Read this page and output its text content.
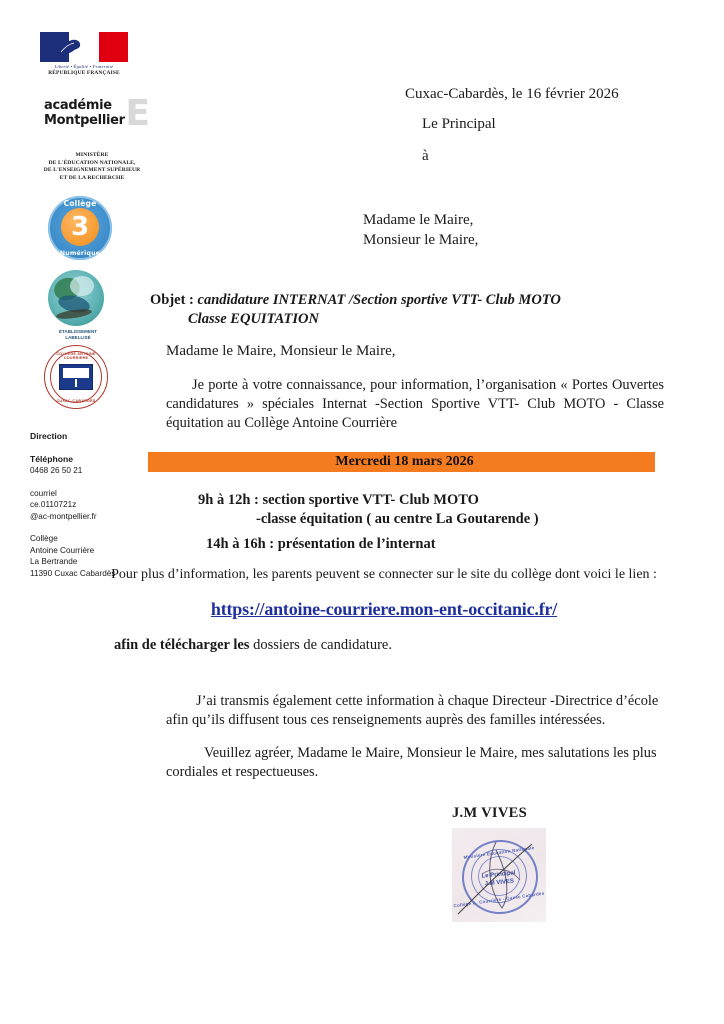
Liberté • Égalité • Fraternité
RÉPUBLIQUE FRANÇAISE
E
académie
Montpellier
MINISTÈRE
DE L'ÉDUCATION NATIONALE,
DE L'ENSEIGNEMENT SUPÉRIEUR
ET DE LA RECHERCHE
Collège
3
Numérique
ÉTABLISSEMENT
LABELLISÉ
COLLÈGE ANTOINE COURRIÈRE
CUXAC-CABARDÈS
Direction
Téléphone
0468 26 50 21
courriel
ce.0110721z
@ac-montpellier.fr
Collège
Antoine Courrière
La Bertrande
11390 Cuxac Cabardès
Cuxac-Cabardès, le 16 février 2026
Le Principal
à
Madame le Maire,
Monsieur le Maire,
Objet : candidature INTERNAT /Section sportive VTT- Club MOTO
Classe EQUITATION
Madame le Maire, Monsieur le Maire,
Je porte à votre connaissance, pour information, l’organisation « Portes Ouvertes candidatures » spéciales Internat -Section Sportive VTT- Club MOTO - Classe équitation au Collège Antoine Courrière
Mercredi 18 mars 2026
9h à 12h : section sportive VTT- Club MOTO
-classe équitation ( au centre La Goutarende )
14h à 16h : présentation de l’internat
Pour plus d’information, les parents peuvent se connecter sur le site du collège dont voici le lien :
https://antoine-courriere.mon-ent-occitanic.fr/
afin de télécharger les dossiers de candidature.
J’ai transmis également cette information à chaque Directeur -Directrice d’école afin qu’ils diffusent tous ces renseignements auprès des familles intéressées.
Veuillez agréer, Madame le Maire, Monsieur le Maire, mes salutations les plus cordiales et respectueuses.
J.M VIVES
Ministère Éducation Nationale
Le Principal
J.M VIVES
Collège A. Courrière - Cuxac Cabardès
